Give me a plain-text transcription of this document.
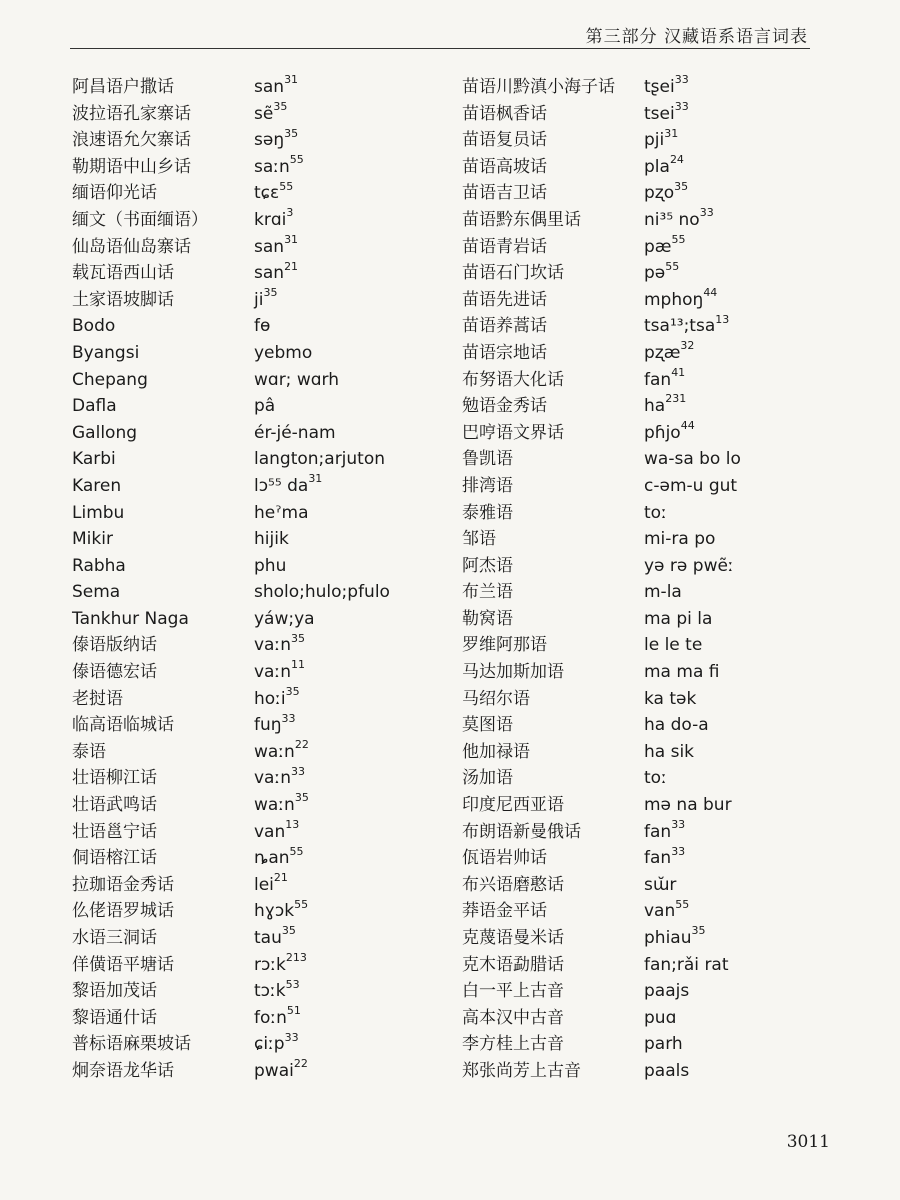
第三部分 汉藏语系语言词表
阿昌语户撒话	san$^{31}$
波拉语孔家寨话	sẽ$^{35}$
浪速语允欠寨话	səŋ$^{35}$
勒期语中山乡话	saːn$^{55}$
缅语仰光话	tɕɛ$^{55}$
缅文（书面缅语）	krɑi$^3$
仙岛语仙岛寨话	san$^{31}$
载瓦语西山话	san$^{21}$
土家语坡脚话	$ji^{35}$
Bodo	fɵ
Byangsi	yebmo
Chepang	wɑr; wɑrh
Dafla	pâ
Gallong	ér-jé-nam
Karbi	langton;arjuton
Karen	lɔ⁵⁵ $da^{31}$
Limbu	heˀma
Mikir	hijik
Rabha	phu
Sema	sholo;hulo;pfulo
Tankhur Naga	yáw;ya
傣语版纳话	vaːn$^{35}$
傣语德宏话	vaːn$^{11}$
老挝语	hoːi$^{35}$
临高语临城话	fuŋ$^{33}$
泰语	waːn$^{22}$
壮语柳江话	vaːn$^{33}$
壮语武鸣话	waːn$^{35}$
壮语邕宁话	van$^{13}$
侗语榕江话	ȵan$^{55}$
拉珈语金秀话	lei$^{21}$
仫佬语罗城话	hɣɔk$^{55}$
水语三洞话	tau$^{35}$
佯僙语平塘话	rɔːk$^{213}$
黎语加茂话	tɔːk$^{53}$
黎语通什话	foːn$^{51}$
普标语麻栗坡话	ɕiːp$^{33}$
炯奈语龙华话	pwai$^{22}$
苗语川黔滇小海子话 tʂei$^{33}$
苗语枫香话	tsei$^{33}$
苗语复员话	pji$^{31}$
苗语高坡话	pla$^{24}$
苗语吉卫话	pʐo$^{35}$
苗语黔东偶里话	ni³⁵ $no^{33}$
苗语青岩话	$pæ^{55}$
苗语石门坎话	pə$^{55}$
苗语先进话	mphoŋ$^{44}$
苗语养蒿话	tsa¹³;tsa$^{13}$
苗语宗地话	pʐæ$^{32}$
布努语大化话	fan$^{41}$
勉语金秀话	$ha^{231}$
巴哼语文界话	pɦjo$^{44}$
鲁凯语	wa-sa bo lo
排湾语	c-əm-u gut
泰雅语	toː
邹语	mi-ra po
阿杰语	yə rə pwẽː
布兰语	m-la
勒窝语	ma pi la
罗维阿那语	le le te
马达加斯加语	ma ma fi
马绍尔语	ka tək
莫图语	ha do-a
他加禄语	ha sik
汤加语	toː
印度尼西亚语	mə na bur
布朗语新曼俄话	fan$^{33}$
佤语岩帅话	fan$^{33}$
布兴语磨憨话	sɯ̆r
莽语金平话	van$^{55}$
克蔑语曼米话	phiau$^{35}$
克木语勐腊话	fan;rǎi rat
白一平上古音	paajs
高本汉中古音	puɑ
李方桂上古音	parh
郑张尚芳上古音	paals
3011
